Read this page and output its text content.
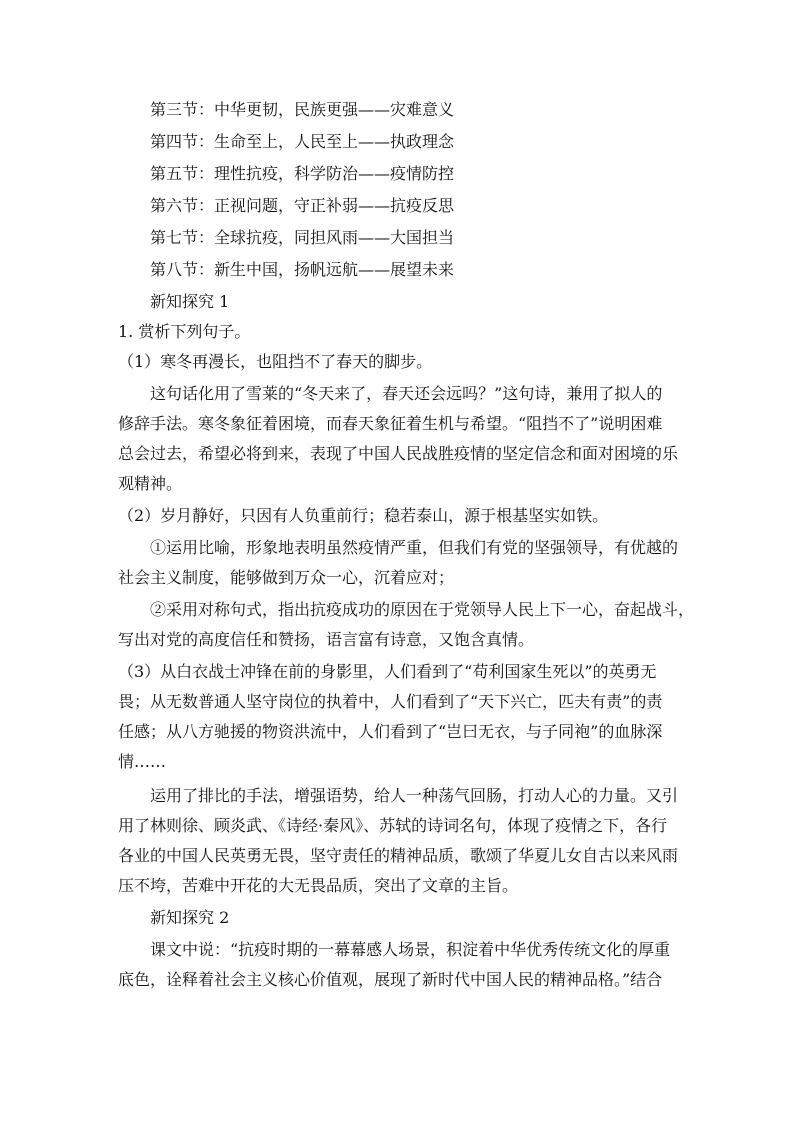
第三节：中华更韧，民族更强——灾难意义
第四节：生命至上，人民至上——执政理念
第五节：理性抗疫，科学防治——疫情防控
第六节：正视问题，守正补弱——抗疫反思
第七节：全球抗疫，同担风雨——大国担当
第八节：新生中国，扬帆远航——展望未来
新知探究 1
1. 赏析下列句子。
（1）寒冬再漫长，也阻挡不了春天的脚步。
这句话化用了雪莱的“冬天来了，春天还会远吗？”这句诗，兼用了拟人的
修辞手法。寒冬象征着困境，而春天象征着生机与希望。“阻挡不了”说明困难
总会过去，希望必将到来，表现了中国人民战胜疫情的坚定信念和面对困境的乐
观精神。
（2）岁月静好，只因有人负重前行；稳若泰山，源于根基坚实如铁。
①运用比喻，形象地表明虽然疫情严重，但我们有党的坚强领导，有优越的
社会主义制度，能够做到万众一心，沉着应对；
②采用对称句式，指出抗疫成功的原因在于党领导人民上下一心，奋起战斗，
写出对党的高度信任和赞扬，语言富有诗意，又饱含真情。
（3）从白衣战士冲锋在前的身影里，人们看到了“苟利国家生死以”的英勇无
畏；从无数普通人坚守岗位的执着中，人们看到了“天下兴亡，匹夫有责”的责
任感；从八方驰援的物资洪流中，人们看到了“岂曰无衣，与子同袍”的血脉深
情……
运用了排比的手法，增强语势，给人一种荡气回肠，打动人心的力量。又引
用了林则徐、顾炎武、《诗经·秦风》、苏轼的诗词名句，体现了疫情之下，各行
各业的中国人民英勇无畏，坚守责任的精神品质，歌颂了华夏儿女自古以来风雨
压不垮，苦难中开花的大无畏品质，突出了文章的主旨。
新知探究 2
课文中说：“抗疫时期的一幕幕感人场景，积淀着中华优秀传统文化的厚重
底色，诠释着社会主义核心价值观，展现了新时代中国人民的精神品格。”结合
